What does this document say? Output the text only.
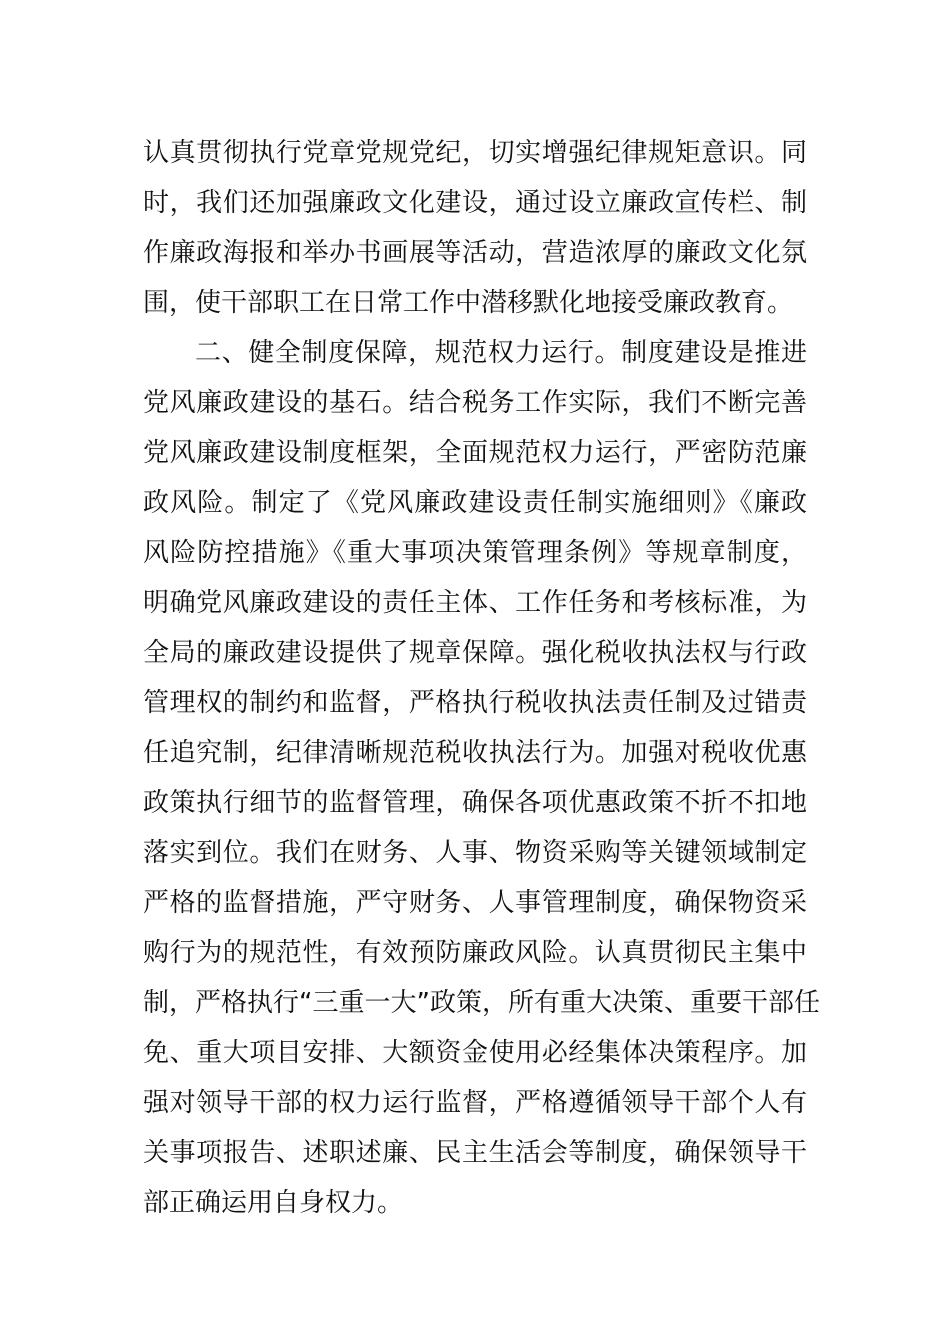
认真贯彻执行党章党规党纪，切实增强纪律规矩意识。同
时，我们还加强廉政文化建设，通过设立廉政宣传栏、制
作廉政海报和举办书画展等活动，营造浓厚的廉政文化氛
围，使干部职工在日常工作中潜移默化地接受廉政教育。
二、健全制度保障，规范权力运行。制度建设是推进
党风廉政建设的基石。结合税务工作实际，我们不断完善
党风廉政建设制度框架，全面规范权力运行，严密防范廉
政风险。制定了《党风廉政建设责任制实施细则》《廉政
风险防控措施》《重大事项决策管理条例》等规章制度，
明确党风廉政建设的责任主体、工作任务和考核标准，为
全局的廉政建设提供了规章保障。强化税收执法权与行政
管理权的制约和监督，严格执行税收执法责任制及过错责
任追究制，纪律清晰规范税收执法行为。加强对税收优惠
政策执行细节的监督管理，确保各项优惠政策不折不扣地
落实到位。我们在财务、人事、物资采购等关键领域制定
严格的监督措施，严守财务、人事管理制度，确保物资采
购行为的规范性，有效预防廉政风险。认真贯彻民主集中
制，严格执行“三重一大”政策，所有重大决策、重要干部任
免、重大项目安排、大额资金使用必经集体决策程序。加
强对领导干部的权力运行监督，严格遵循领导干部个人有
关事项报告、述职述廉、民主生活会等制度，确保领导干
部正确运用自身权力。
